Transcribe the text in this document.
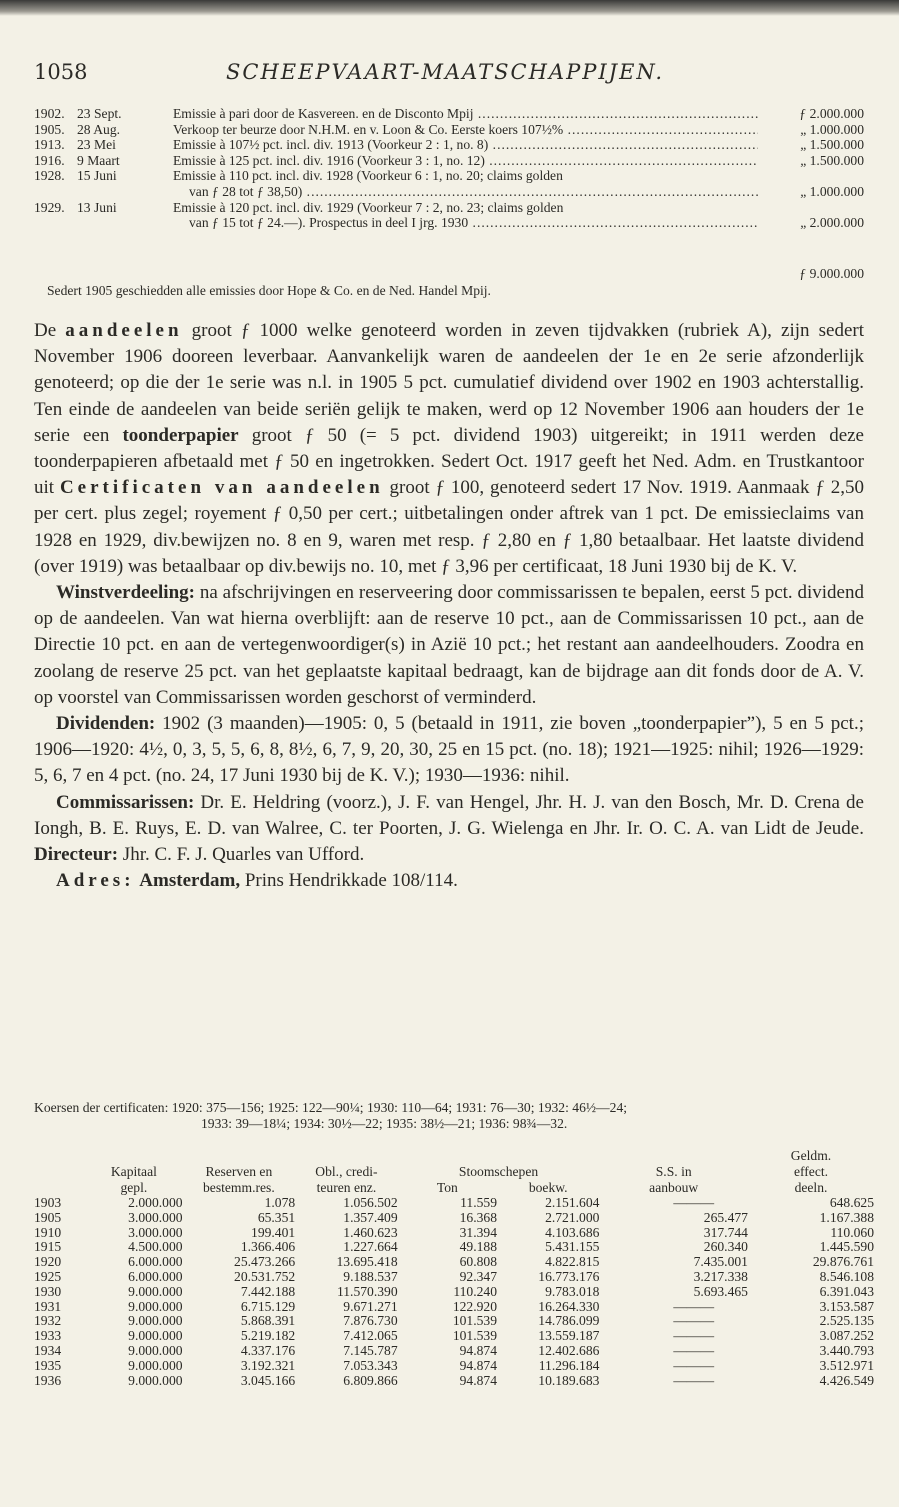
1058	SCHEEPVAART-MAATSCHAPPIJEN.
1902. 23 Sept.	Emissie à pari door de Kasvereen. en de Disconto Mpij .....	ƒ 2.000.000
1905. 28 Aug.	Verkoop ter beurze door N.H.M. en v. Loon & Co. Eerste koers 107½% .....	„ 1.000.000
1913. 23 Mei	Emissie à 107½ pct. incl. div. 1913 (Voorkeur 2 : 1, no. 8) .....	„ 1.500.000
1916. 9 Maart	Emissie à 125 pct. incl. div. 1916 (Voorkeur 3 : 1, no. 12) .....	„ 1.500.000
1928. 15 Juni	Emissie à 110 pct. incl. div. 1928 (Voorkeur 6 : 1, no. 20; claims golden
van ƒ 28 tot ƒ 38,50) .....	„ 1.000.000
1929. 13 Juni	Emissie à 120 pct. incl. div. 1929 (Voorkeur 7 : 2, no. 23; claims golden
van ƒ 15 tot ƒ 24.—). Prospectus in deel I jrg. 1930 .....	„ 2.000.000
ƒ 9.000.000
Sedert 1905 geschiedden alle emissies door Hope & Co. en de Ned. Handel Mpij.

De aandeelen groot ƒ 1000 welke genoteerd worden in zeven tijdvakken (rubriek A), zijn sedert November 1906 dooreen leverbaar. Aanvankelijk waren de aandeelen der 1e en 2e serie afzonderlijk genoteerd; op die der 1e serie was n.l. in 1905 5 pct. cumulatief dividend over 1902 en 1903 achterstallig. Ten einde de aandeelen van beide seriën gelijk te maken, werd op 12 November 1906 aan houders der 1e serie een toonderpapier groot ƒ 50 (= 5 pct. dividend 1903) uitgereikt; in 1911 werden deze toonderpapieren afbetaald met ƒ 50 en ingetrokken. Sedert Oct. 1917 geeft het Ned. Adm. en Trustkantoor uit Certificaten van aandeelen groot ƒ 100, genoteerd sedert 17 Nov. 1919. Aanmaak ƒ 2,50 per cert. plus zegel; royement ƒ 0,50 per cert.; uitbetalingen onder aftrek van 1 pct. De emissieclaims van 1928 en 1929, div.bewijzen no. 8 en 9, waren met resp. ƒ 2,80 en ƒ 1,80 betaalbaar. Het laatste dividend (over 1919) was betaalbaar op div.bewijs no. 10, met ƒ 3,96 per certificaat, 18 Juni 1930 bij de K. V.

Winstverdeeling: na afschrijvingen en reserveering door commissarissen te bepalen, eerst 5 pct. dividend op de aandeelen. Van wat hierna overblijft: aan de reserve 10 pct., aan de Commissarissen 10 pct., aan de Directie 10 pct. en aan de vertegenwoordiger(s) in Azië 10 pct.; het restant aan aandeelhouders. Zoodra en zoolang de reserve 25 pct. van het geplaatste kapitaal bedraagt, kan de bijdrage aan dit fonds door de A. V. op voorstel van Commissarissen worden geschorst of verminderd.

Dividenden: 1902 (3 maanden)—1905: 0, 5 (betaald in 1911, zie boven „toonderpapier”), 5 en 5 pct.; 1906—1920: 4½, 0, 3, 5, 5, 6, 8, 8½, 6, 7, 9, 20, 30, 25 en 15 pct. (no. 18); 1921—1925: nihil; 1926—1929: 5, 6, 7 en 4 pct. (no. 24, 17 Juni 1930 bij de K. V.); 1930—1936: nihil.

Commissarissen: Dr. E. Heldring (voorz.), J. F. van Hengel, Jhr. H. J. van den Bosch, Mr. D. Crena de Iongh, B. E. Ruys, E. D. van Walree, C. ter Poorten, J. G. Wielenga en Jhr. Ir. O. C. A. van Lidt de Jeude. Directeur: Jhr. C. F. J. Quarles van Ufford.

Adres: Amsterdam, Prins Hendrikkade 108/114.

Koersen der certificaten: 1920: 375—156; 1925: 122—90¼; 1930: 110—64; 1931: 76—30; 1932: 46½—24;
1933: 39—18¼; 1934: 30½—22; 1935: 38½—21; 1936: 98¾—32.
							Geldm.
	Kapitaal	Reserven en	Obl., credi-	Stoomschepen		S.S. in	effect.
	gepl.	bestemm.res.	teuren enz.	Ton	boekw.	aanbouw	deeln.
1903	2.000.000	1.078	1.056.502	11.559	2.151.604	———	648.625
1905	3.000.000	65.351	1.357.409	16.368	2.721.000	265.477	1.167.388
1910	3.000.000	199.401	1.460.623	31.394	4.103.686	317.744	110.060
1915	4.500.000	1.366.406	1.227.664	49.188	5.431.155	260.340	1.445.590
1920	6.000.000	25.473.266	13.695.418	60.808	4.822.815	7.435.001	29.876.761
1925	6.000.000	20.531.752	9.188.537	92.347	16.773.176	3.217.338	8.546.108
1930	9.000.000	7.442.188	11.570.390	110.240	9.783.018	5.693.465	6.391.043
1931	9.000.000	6.715.129	9.671.271	122.920	16.264.330	———	3.153.587
1932	9.000.000	5.868.391	7.876.730	101.539	14.786.099	———	2.525.135
1933	9.000.000	5.219.182	7.412.065	101.539	13.559.187	———	3.087.252
1934	9.000.000	4.337.176	7.145.787	94.874	12.402.686	———	3.440.793
1935	9.000.000	3.192.321	7.053.343	94.874	11.296.184	———	3.512.971
1936	9.000.000	3.045.166	6.809.866	94.874	10.189.683	———	4.426.549
